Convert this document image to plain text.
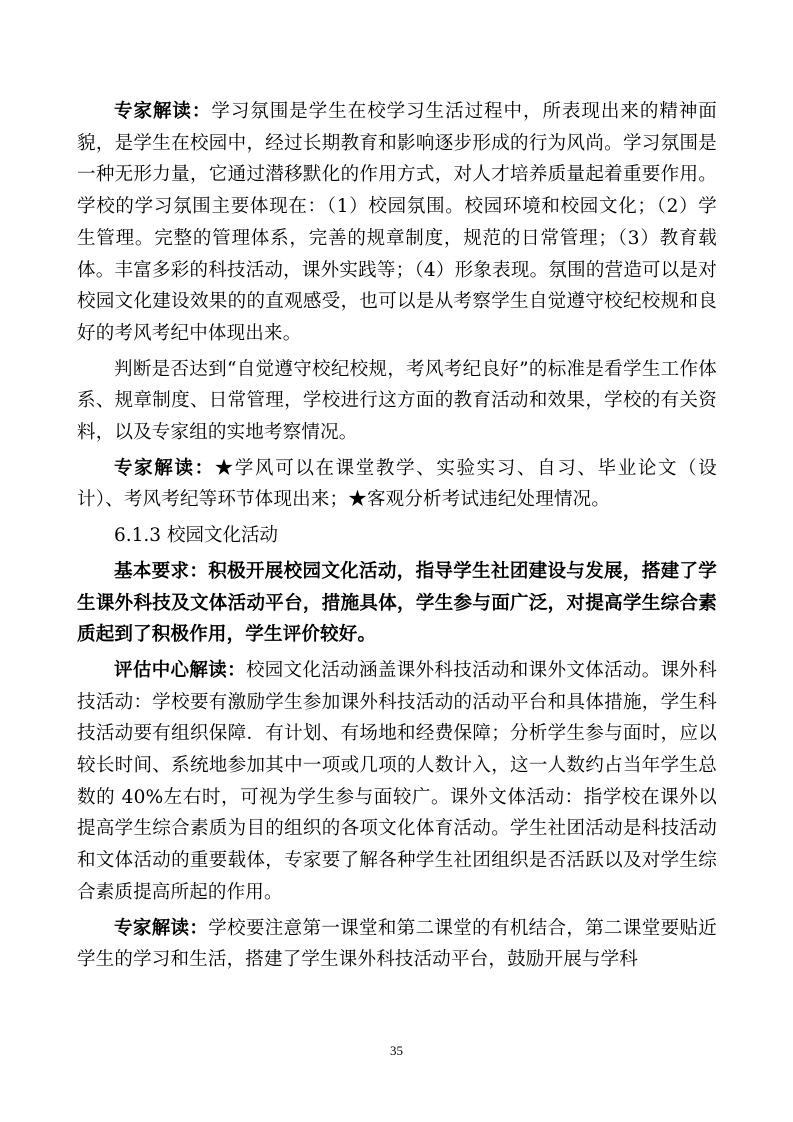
专家解读：学习氛围是学生在校学习生活过程中，所表现出来的精神面貌，是学生在校园中，经过长期教育和影响逐步形成的行为风尚。学习氛围是一种无形力量，它通过潜移默化的作用方式，对人才培养质量起着重要作用。学校的学习氛围主要体现在：（1）校园氛围。校园环境和校园文化；（2）学生管理。完整的管理体系，完善的规章制度，规范的日常管理；（3）教育载体。丰富多彩的科技活动，课外实践等；（4）形象表现。氛围的营造可以是对校园文化建设效果的的直观感受，也可以是从考察学生自觉遵守校纪校规和良好的考风考纪中体现出来。

判断是否达到“自觉遵守校纪校规，考风考纪良好”的标准是看学生工作体系、规章制度、日常管理，学校进行这方面的教育活动和效果，学校的有关资料，以及专家组的实地考察情况。

专家解读：★学风可以在课堂教学、实验实习、自习、毕业论文（设计）、考风考纪等环节体现出来；★客观分析考试违纪处理情况。

6.1.3 校园文化活动

基本要求：积极开展校园文化活动，指导学生社团建设与发展，搭建了学生课外科技及文体活动平台，措施具体，学生参与面广泛，对提高学生综合素质起到了积极作用，学生评价较好。

评估中心解读：校园文化活动涵盖课外科技活动和课外文体活动。课外科技活动：学校要有激励学生参加课外科技活动的活动平台和具体措施，学生科技活动要有组织保障．有计划、有场地和经费保障；分析学生参与面时，应以较长时间、系统地参加其中一项或几项的人数计入，这一人数约占当年学生总数的 40%左右时，可视为学生参与面较广。课外文体活动：指学校在课外以提高学生综合素质为目的组织的各项文化体育活动。学生社团活动是科技活动和文体活动的重要载体，专家要了解各种学生社团组织是否活跃以及对学生综合素质提高所起的作用。

专家解读：学校要注意第一课堂和第二课堂的有机结合，第二课堂要贴近学生的学习和生活，搭建了学生课外科技活动平台，鼓励开展与学科

35
